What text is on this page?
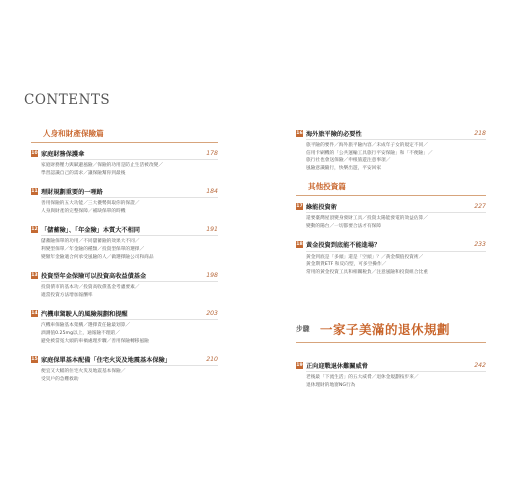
CONTENTS
人身和財產保險篇
10 家庭財務保護傘	178
家庭財務壓力與賦避風險／保險的功用是防止生活被改變／
學習認識自己的需求／讓保險幫你到最後
11 理財規劃重要的一哩路	184
善用保險的五大功能／三大優勢與取你的保證／
人身與財產的完整保障／補缺保單的時機
12 「儲蓄險」、「年金險」本質大不相同	191
儲蓄險保單的功用／不同儲蓄險的效果大不同／
利變型保單／年金險的種類／投資型保單的選擇／
變額年金險適合何承受風險的人／做選擇險公司和商品
13 投資型年金保險可以投資高收益債基金	198
投資債市的基本功／投資高收債基金考慮要素／
適當投資方法增加報酬率
14 汽機車駕駛人的風險規劃和提醒	203
汽機車保險基本架構／選擇責任險最划算／
酒測值0.25mg以上，通報險不理賠／
避免被當冤大頭的車禍處理步驟／善用保險轉移風險
15 家庭保單基本配備「住宅火災及地震基本保險」	210
便宜又大幅的住宅火災及地震基本保險／
受災戶的急難救助
16 海外旅平險的必要性	218
旅平險的要件／海外旅平險內容／未成年子女的規定不同／
信用卡刷機的「公共運輸工具旅行平安保險」和「不便險」／
旅行社也會送保險／申根旅遊注意事項／
風險意識隨行，快樂出遊，平安回家
其他投資篇
17 綠能投資術	227
還要臺灣屋頂變身發財工具／投資太陽能發電的效益估算／
變動的陽台／一切都要合法才有保障
18 黃金投資到底能不能進場？	233
黃金到底是「多頭」還是「空頭」？／黃金價值投資術／
黃金期貨ETF 和反向型，可多空操作／
常用的黃金投資工具和相關稅負／注意風險和投資組合比重
步驟 一家子美滿的退休規劃
19 正向迎戰退休難關威脅	242
老後最「下流生活」的五大威脅／退休金規劃按步來／
退休理財的地窗NG行為
